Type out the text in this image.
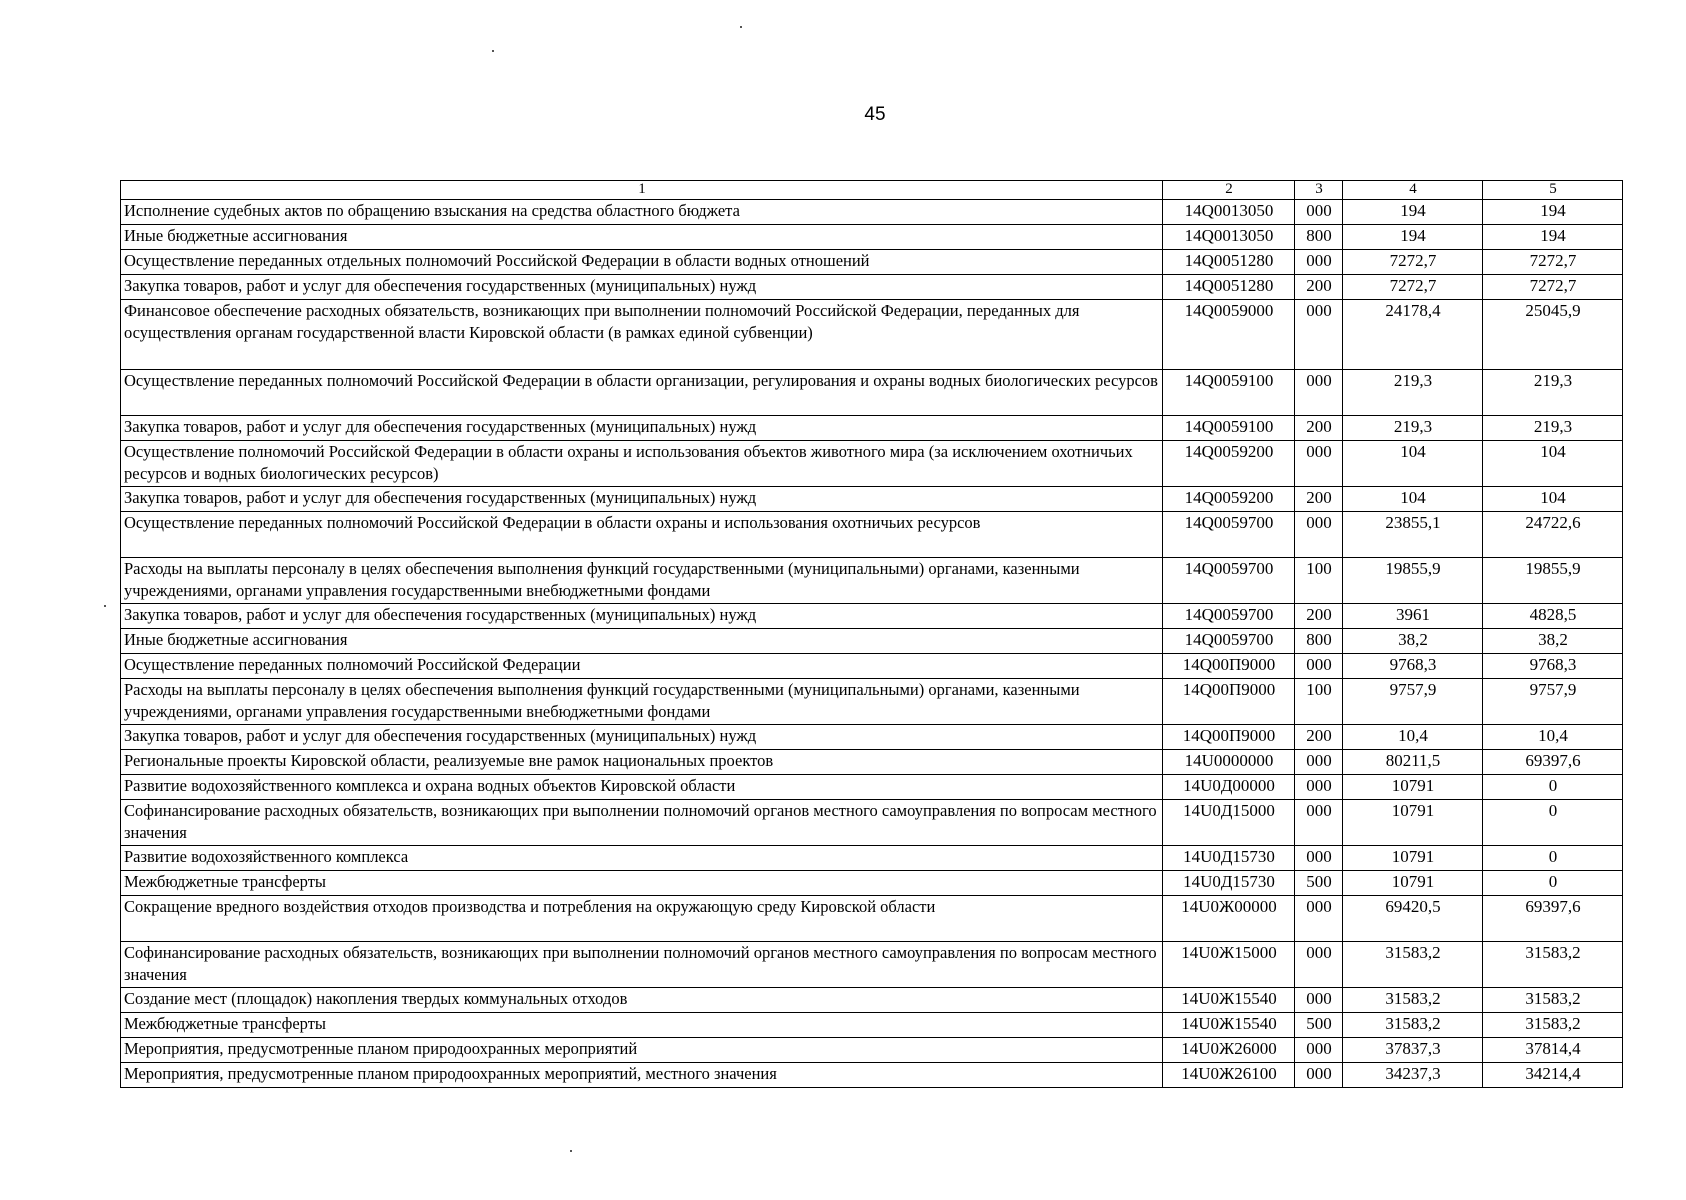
45
1	2	3	4	5
Исполнение судебных актов по обращению взыскания на средства областного бюджета	14Q0013050	000	194	194
Иные бюджетные ассигнования	14Q0013050	800	194	194
Осуществление переданных отдельных полномочий Российской Федерации в области водных отношений	14Q0051280	000	7272,7	7272,7
Закупка товаров, работ и услуг для обеспечения государственных (муниципальных) нужд	14Q0051280	200	7272,7	7272,7
Финансовое обеспечение расходных обязательств, возникающих при выполнении полномочий Российской Федерации, переданных для осуществления органам государственной власти Кировской области (в рамках единой субвенции)	14Q0059000	000	24178,4	25045,9
Осуществление переданных полномочий Российской Федерации в области организации, регулирования и охраны водных биологических ресурсов	14Q0059100	000	219,3	219,3
Закупка товаров, работ и услуг для обеспечения государственных (муниципальных) нужд	14Q0059100	200	219,3	219,3
Осуществление полномочий Российской Федерации в области охраны и использования объектов животного мира (за исключением охотничьих ресурсов и водных биологических ресурсов)	14Q0059200	000	104	104
Закупка товаров, работ и услуг для обеспечения государственных (муниципальных) нужд	14Q0059200	200	104	104
Осуществление переданных полномочий Российской Федерации в области охраны и использования охотничьих ресурсов	14Q0059700	000	23855,1	24722,6
Расходы на выплаты персоналу в целях обеспечения выполнения функций государственными (муниципальными) органами, казенными учреждениями, органами управления государственными внебюджетными фондами	14Q0059700	100	19855,9	19855,9
Закупка товаров, работ и услуг для обеспечения государственных (муниципальных) нужд	14Q0059700	200	3961	4828,5
Иные бюджетные ассигнования	14Q0059700	800	38,2	38,2
Осуществление переданных полномочий Российской Федерации	14Q00П9000	000	9768,3	9768,3
Расходы на выплаты персоналу в целях обеспечения выполнения функций государственными (муниципальными) органами, казенными учреждениями, органами управления государственными внебюджетными фондами	14Q00П9000	100	9757,9	9757,9
Закупка товаров, работ и услуг для обеспечения государственных (муниципальных) нужд	14Q00П9000	200	10,4	10,4
Региональные проекты Кировской области, реализуемые вне рамок национальных проектов	14U0000000	000	80211,5	69397,6
Развитие водохозяйственного комплекса и охрана водных объектов Кировской области	14U0Д00000	000	10791	0
Софинансирование расходных обязательств, возникающих при выполнении полномочий органов местного самоуправления по вопросам местного значения	14U0Д15000	000	10791	0
Развитие водохозяйственного комплекса	14U0Д15730	000	10791	0
Межбюджетные трансферты	14U0Д15730	500	10791	0
Сокращение вредного воздействия отходов производства и потребления на окружающую среду Кировской области	14U0Ж00000	000	69420,5	69397,6
Софинансирование расходных обязательств, возникающих при выполнении полномочий органов местного самоуправления по вопросам местного значения	14U0Ж15000	000	31583,2	31583,2
Создание мест (площадок) накопления твердых коммунальных отходов	14U0Ж15540	000	31583,2	31583,2
Межбюджетные трансферты	14U0Ж15540	500	31583,2	31583,2
Мероприятия, предусмотренные планом природоохранных мероприятий	14U0Ж26000	000	37837,3	37814,4
Мероприятия, предусмотренные планом природоохранных мероприятий, местного значения	14U0Ж26100	000	34237,3	34214,4
